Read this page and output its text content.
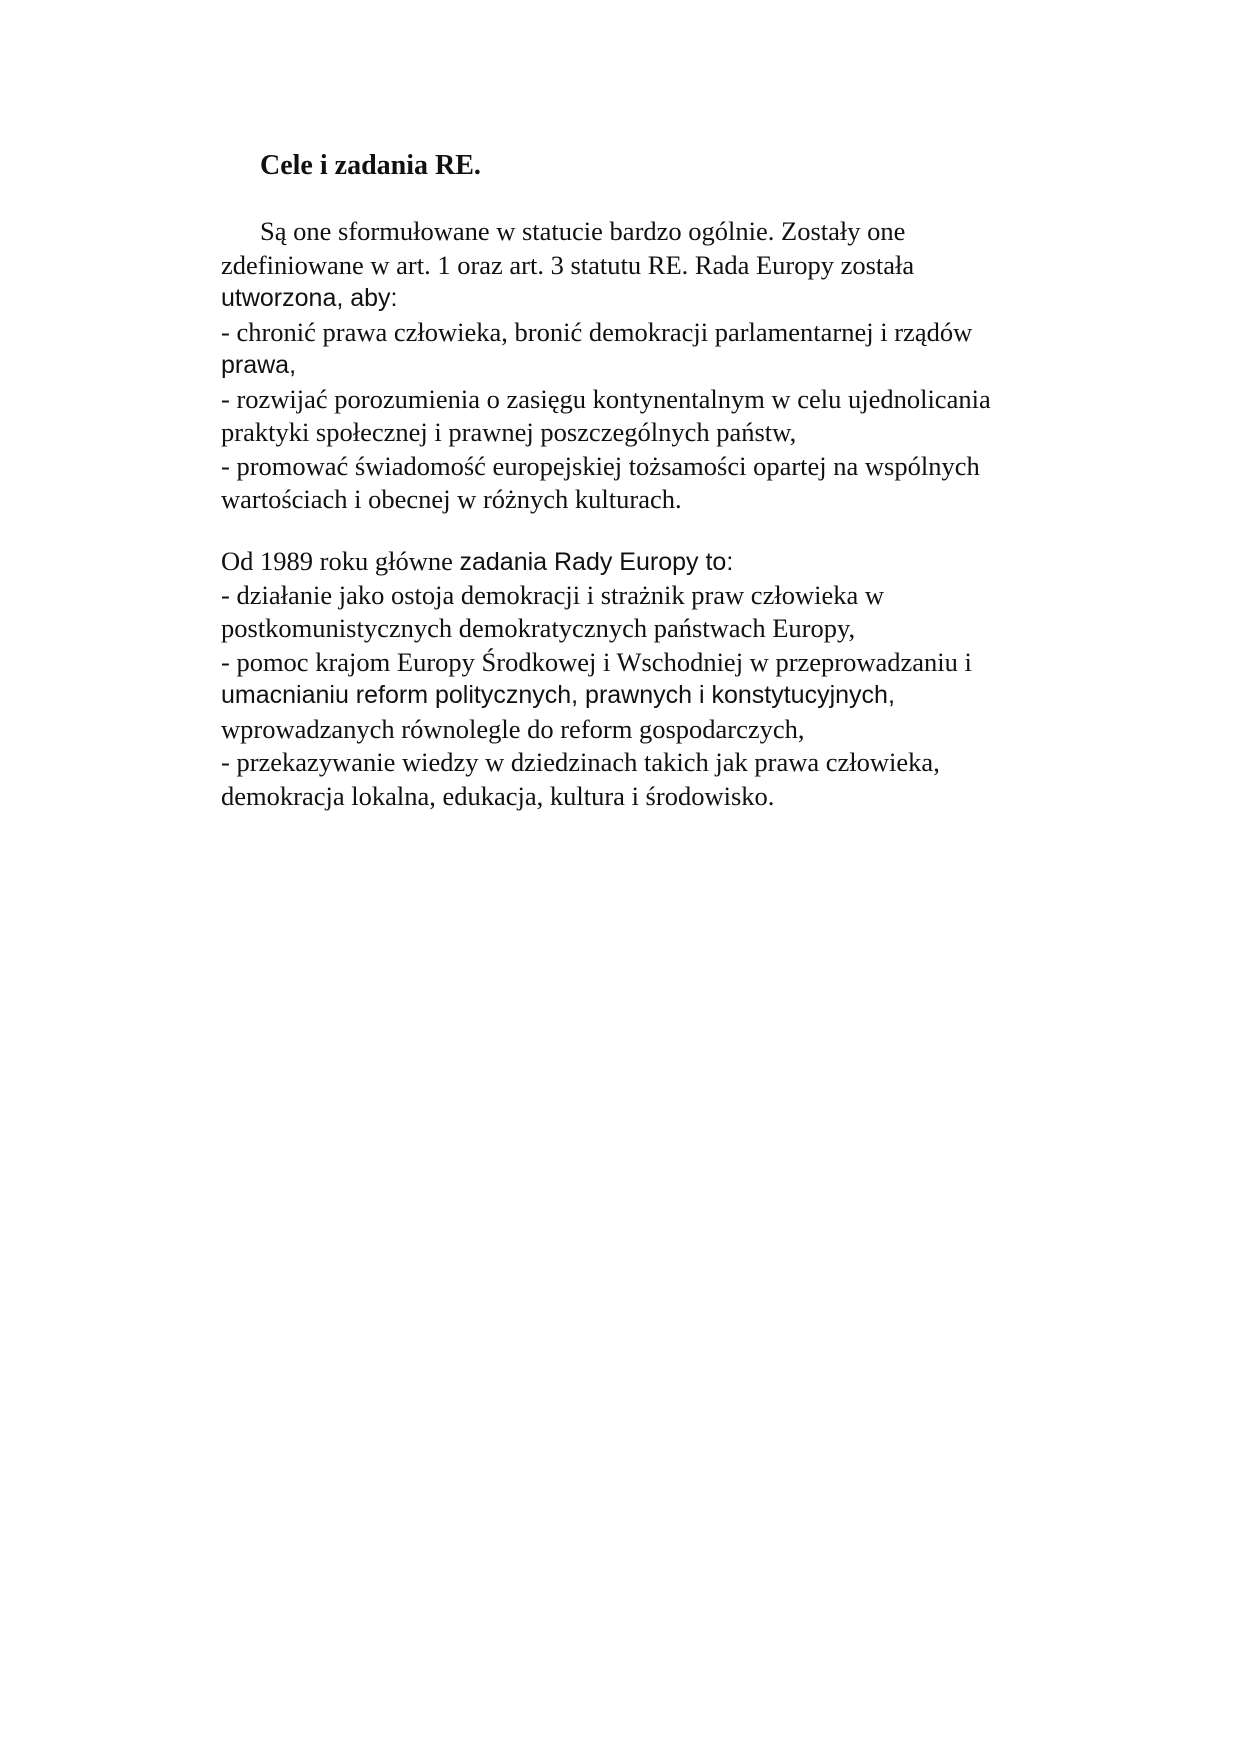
Cele i zadania RE.
Są one sformułowane w statucie bardzo ogólnie. Zostały one
zdefiniowane w art. 1 oraz art. 3 statutu RE. Rada Europy została
utworzona, aby:
- chronić prawa człowieka, bronić demokracji parlamentarnej i rządów
prawa,
- rozwijać porozumienia o zasięgu kontynentalnym w celu ujednolicania
praktyki społecznej i prawnej poszczególnych państw,
- promować świadomość europejskiej tożsamości opartej na wspólnych
wartościach i obecnej w różnych kulturach.
Od 1989 roku główne zadania Rady Europy to:
- działanie jako ostoja demokracji i strażnik praw człowieka w
postkomunistycznych demokratycznych państwach Europy,
- pomoc krajom Europy Środkowej i Wschodniej w przeprowadzaniu i
umacnianiu reform politycznych, prawnych i konstytucyjnych,
wprowadzanych równolegle do reform gospodarczych,
- przekazywanie wiedzy w dziedzinach takich jak prawa człowieka,
demokracja lokalna, edukacja, kultura i środowisko.
